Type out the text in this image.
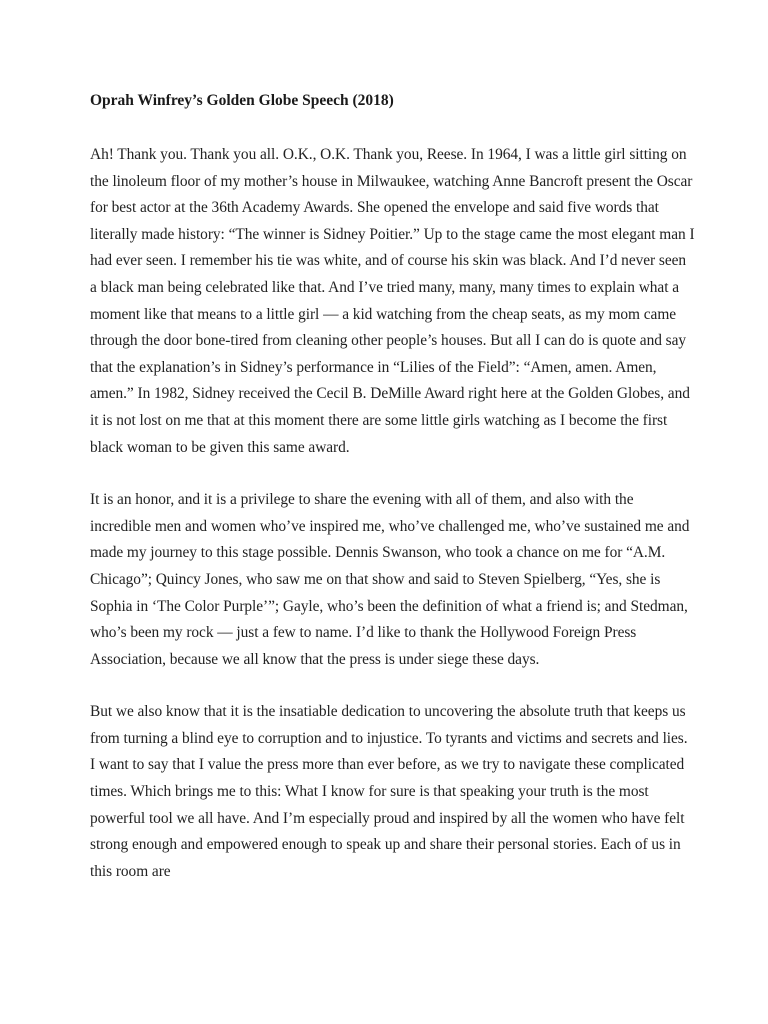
Oprah Winfrey’s Golden Globe Speech (2018)

Ah! Thank you. Thank you all. O.K., O.K. Thank you, Reese. In 1964, I was a little girl sitting on the linoleum floor of my mother’s house in Milwaukee, watching Anne Bancroft present the Oscar for best actor at the 36th Academy Awards. She opened the envelope and said five words that literally made history: “The winner is Sidney Poitier.” Up to the stage came the most elegant man I had ever seen. I remember his tie was white, and of course his skin was black. And I’d never seen a black man being celebrated like that. And I’ve tried many, many, many times to explain what a moment like that means to a little girl — a kid watching from the cheap seats, as my mom came through the door bone-tired from cleaning other people’s houses. But all I can do is quote and say that the explanation’s in Sidney’s performance in “Lilies of the Field”: “Amen, amen. Amen, amen.” In 1982, Sidney received the Cecil B. DeMille Award right here at the Golden Globes, and it is not lost on me that at this moment there are some little girls watching as I become the first black woman to be given this same award.

It is an honor, and it is a privilege to share the evening with all of them, and also with the incredible men and women who’ve inspired me, who’ve challenged me, who’ve sustained me and made my journey to this stage possible. Dennis Swanson, who took a chance on me for “A.M. Chicago”; Quincy Jones, who saw me on that show and said to Steven Spielberg, “Yes, she is Sophia in ‘The Color Purple’”; Gayle, who’s been the definition of what a friend is; and Stedman, who’s been my rock — just a few to name. I’d like to thank the Hollywood Foreign Press Association, because we all know that the press is under siege these days.

But we also know that it is the insatiable dedication to uncovering the absolute truth that keeps us from turning a blind eye to corruption and to injustice. To tyrants and victims and secrets and lies. I want to say that I value the press more than ever before, as we try to navigate these complicated times. Which brings me to this: What I know for sure is that speaking your truth is the most powerful tool we all have. And I’m especially proud and inspired by all the women who have felt strong enough and empowered enough to speak up and share their personal stories. Each of us in this room are
